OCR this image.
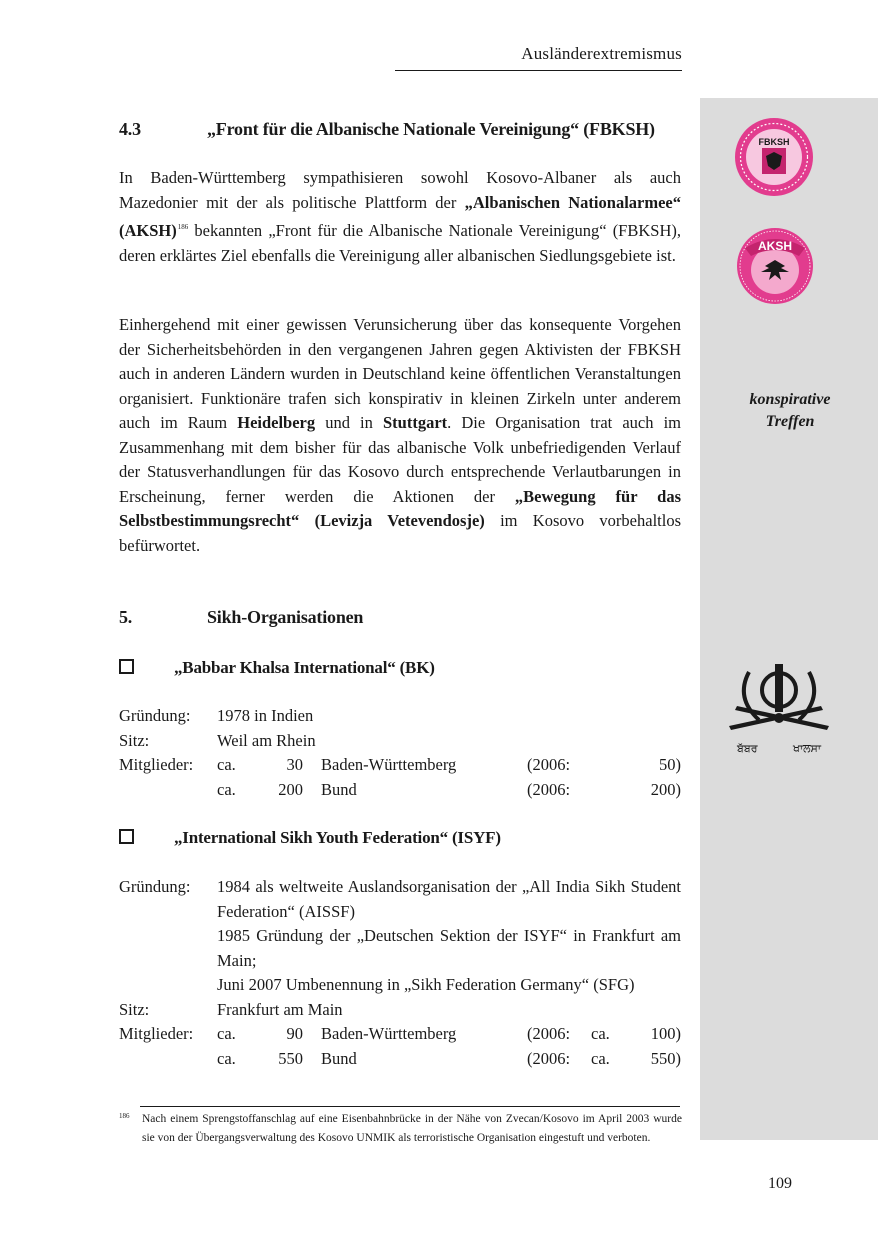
Ausländerextremismus
FBKSH
AKSH
konspirative
Treffen
ਬੱਬਰ	ਖਾਲਸਾ
4.3	„Front für die Albanische Nationale Vereinigung“ (FBKSH)
In Baden-Württemberg sympathisieren sowohl Kosovo-Albaner als auch Mazedonier mit der als politische Plattform der „Albanischen Nationalarmee“ (AKSH)$^{186}$ bekannten „Front für die Albanische Nationale Vereinigung“ (FBKSH), deren erklärtes Ziel ebenfalls die Vereinigung aller albanischen Siedlungsgebiete ist.
Einhergehend mit einer gewissen Verunsicherung über das konsequente Vorgehen der Sicherheitsbehörden in den vergangenen Jahren gegen Aktivisten der FBKSH auch in anderen Ländern wurden in Deutschland keine öffentlichen Veranstaltungen organisiert. Funktionäre trafen sich konspirativ in kleinen Zirkeln unter anderem auch im Raum Heidelberg und in Stuttgart. Die Organisation trat auch im Zusammenhang mit dem bisher für das albanische Volk unbefriedigenden Verlauf der Statusverhandlungen für das Kosovo durch entsprechende Verlautbarungen in Erscheinung, ferner werden die Aktionen der „Bewegung für das Selbstbestimmungsrecht“ (Levizja Vetevendosje) im Kosovo vorbehaltlos befürwortet.
5.	Sikh-Organisationen
„Babbar Khalsa International“ (BK)
Gründung: 1978 in Indien
Sitz:	Weil am Rhein
Mitglieder: ca.	30 Baden-Württemberg	(2006:	50)
ca.	200 Bund	(2006:	200)
„International Sikh Youth Federation“ (ISYF)
Gründung: 1984 als weltweite Auslandsorganisation der „All India Sikh Student Federation“ (AISSF)
1985 Gründung der „Deutschen Sektion der ISYF“ in Frankfurt am Main;
Juni 2007 Umbenennung in „Sikh Federation Germany“ (SFG)
Sitz:	Frankfurt am Main
Mitglieder: ca.	90 Baden-Württemberg	(2006: ca.	100)
ca.	550 Bund	(2006: ca.	550)
186 Nach einem Sprengstoffanschlag auf eine Eisenbahnbrücke in der Nähe von Zvecan/Kosovo im April 2003 wurde sie von der Übergangsverwaltung des Kosovo UNMIK als terroristische Organisation eingestuft und verboten.
109
